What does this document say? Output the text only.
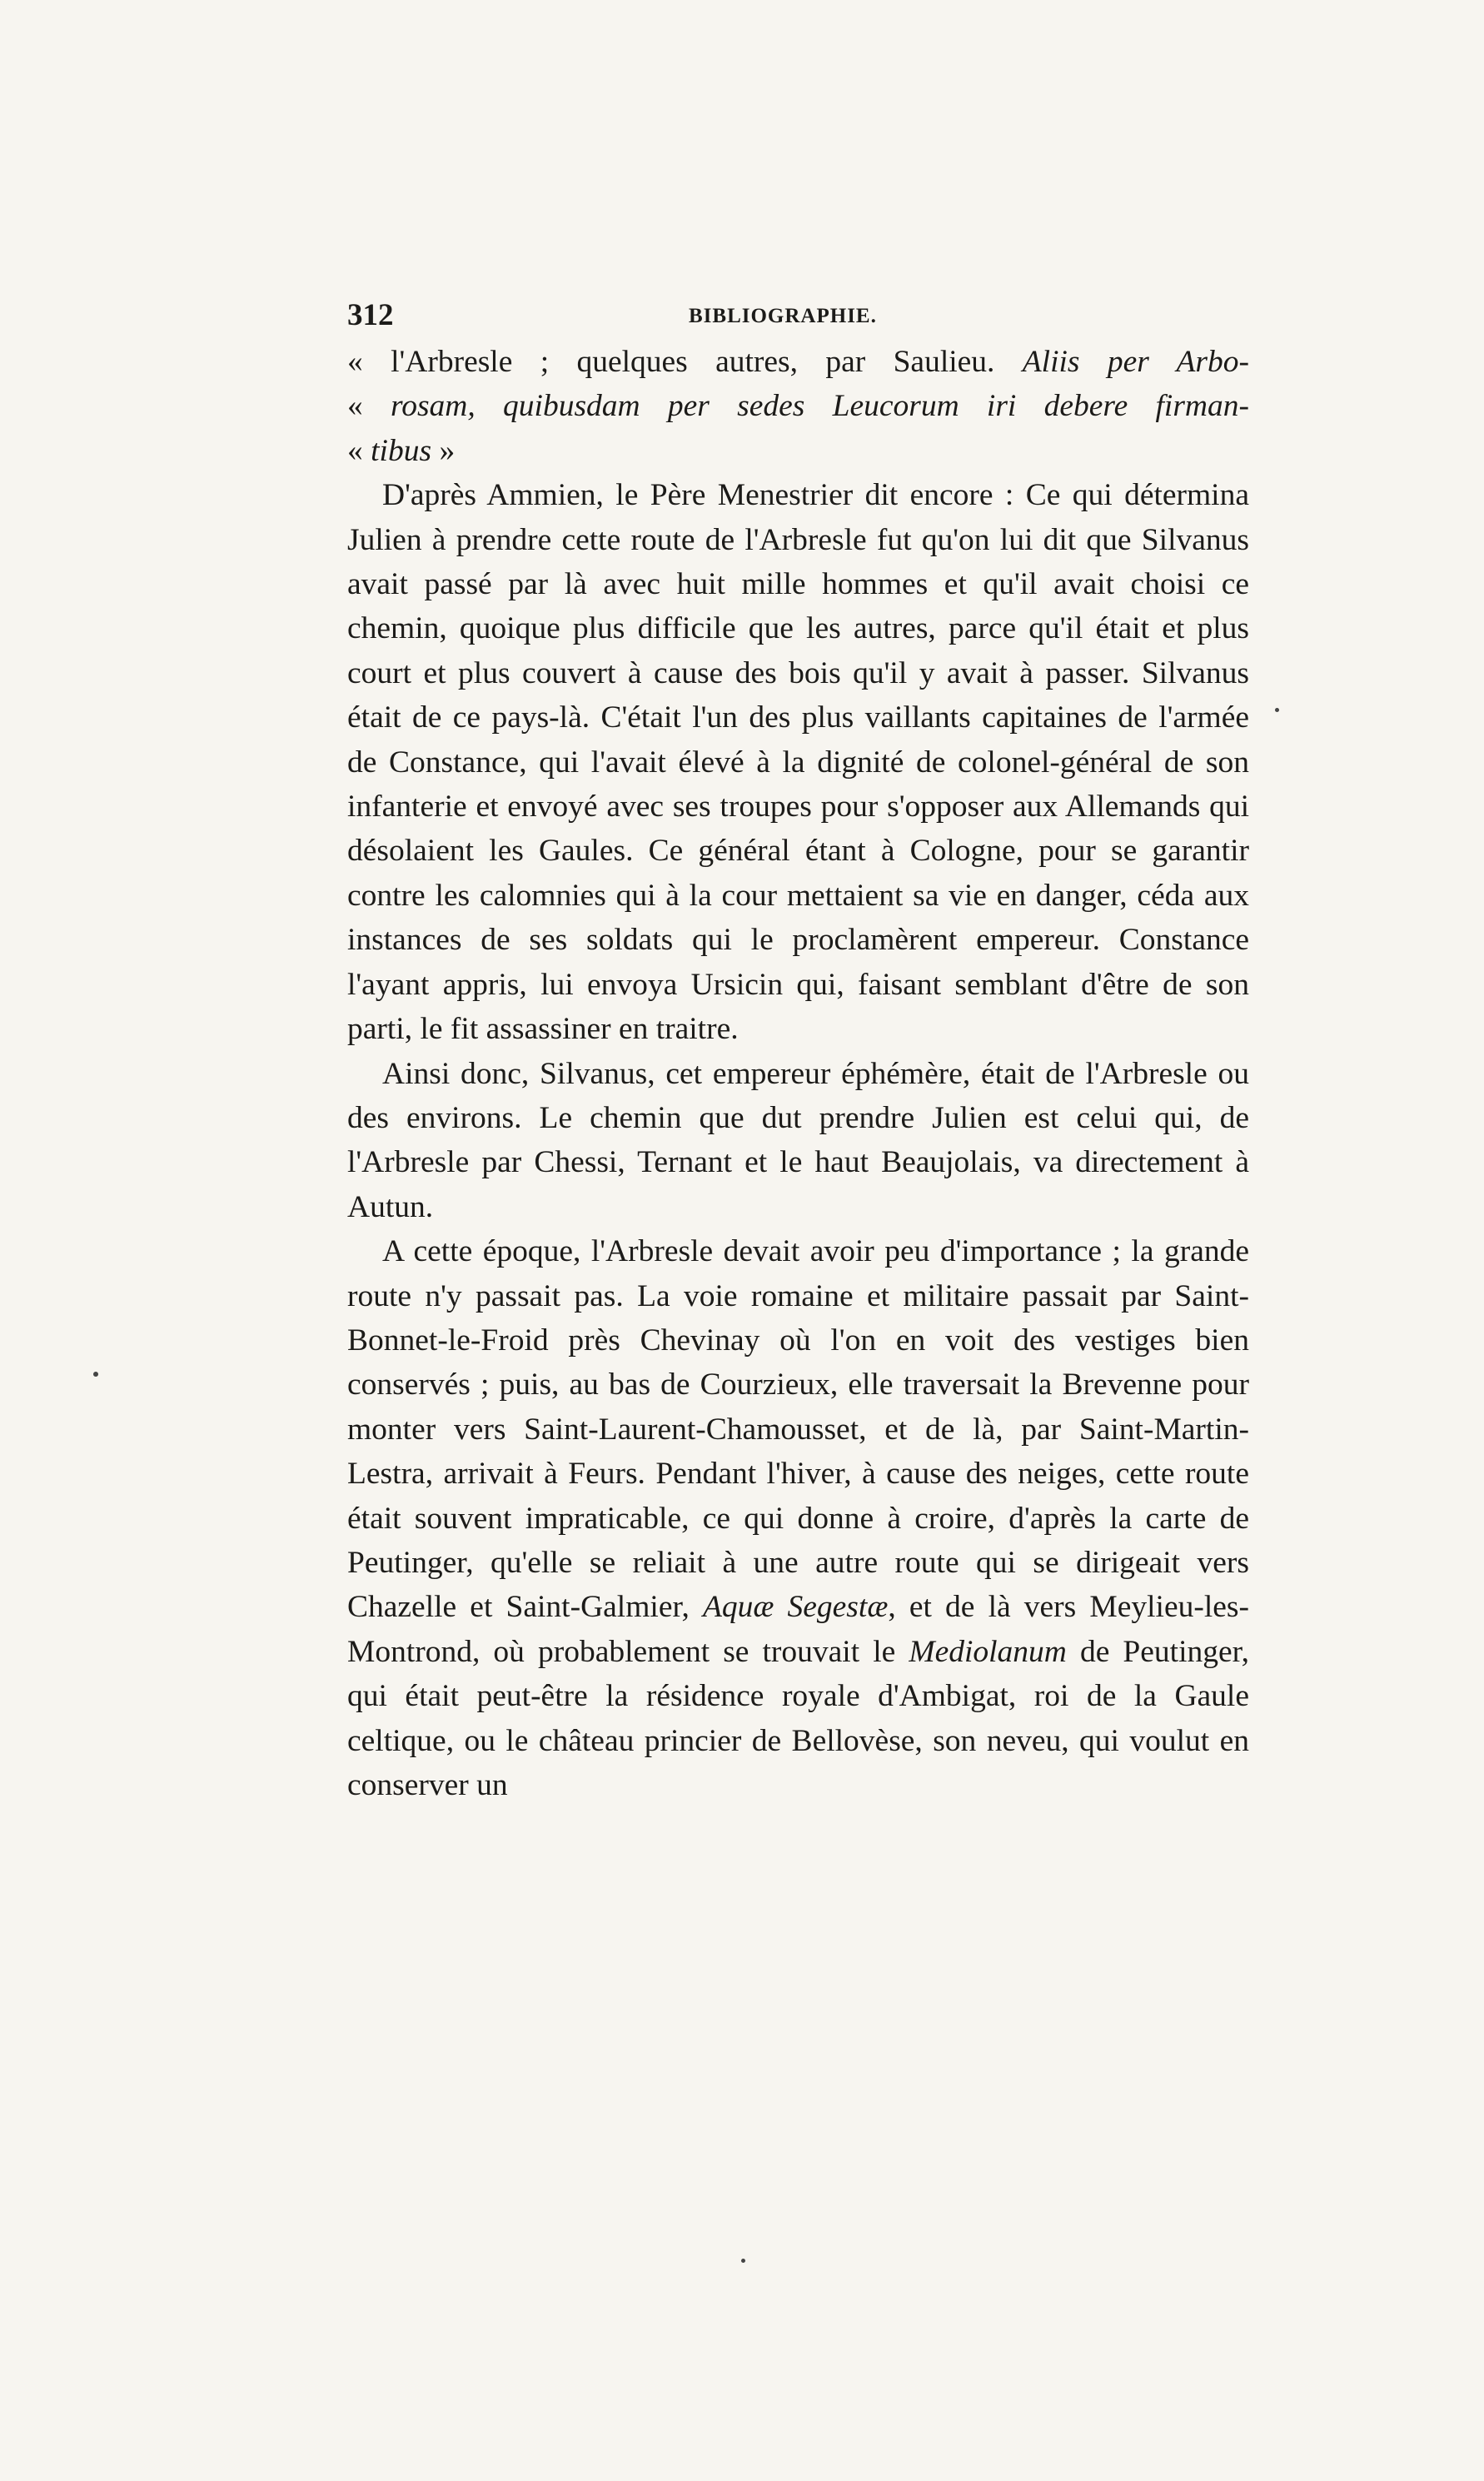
312	BIBLIOGRAPHIE.
« l'Arbresle ; quelques autres, par Saulieu. Aliis per Arbo-
« rosam, quibusdam per sedes Leucorum iri debere firman-
« tibus »

D'après Ammien, le Père Menestrier dit encore : Ce qui détermina Julien à prendre cette route de l'Arbresle fut qu'on lui dit que Silvanus avait passé par là avec huit mille hommes et qu'il avait choisi ce chemin, quoique plus difficile que les autres, parce qu'il était et plus court et plus couvert à cause des bois qu'il y avait à passer. Silvanus était de ce pays-là. C'était l'un des plus vaillants capitaines de l'armée de Constance, qui l'avait élevé à la dignité de colonel-général de son infanterie et envoyé avec ses troupes pour s'opposer aux Allemands qui désolaient les Gaules. Ce général étant à Cologne, pour se garantir contre les calomnies qui à la cour mettaient sa vie en danger, céda aux instances de ses soldats qui le proclamèrent empereur. Constance l'ayant appris, lui envoya Ursicin qui, faisant semblant d'être de son parti, le fit assassiner en traitre.

Ainsi donc, Silvanus, cet empereur éphémère, était de l'Arbresle ou des environs. Le chemin que dut prendre Julien est celui qui, de l'Arbresle par Chessi, Ternant et le haut Beaujolais, va directement à Autun.

A cette époque, l'Arbresle devait avoir peu d'importance ; la grande route n'y passait pas. La voie romaine et militaire passait par Saint-Bonnet-le-Froid près Chevinay où l'on en voit des vestiges bien conservés ; puis, au bas de Courzieux, elle traversait la Brevenne pour monter vers Saint-Laurent-Chamousset, et de là, par Saint-Martin-Lestra, arrivait à Feurs. Pendant l'hiver, à cause des neiges, cette route était souvent impraticable, ce qui donne à croire, d'après la carte de Peutinger, qu'elle se reliait à une autre route qui se dirigeait vers Chazelle et Saint-Galmier, Aquæ Segestæ, et de là vers Meylieu-les-Montrond, où probablement se trouvait le Mediolanum de Peutinger, qui était peut-être la résidence royale d'Ambigat, roi de la Gaule celtique, ou le château princier de Bellovèse, son neveu, qui voulut en conserver un
